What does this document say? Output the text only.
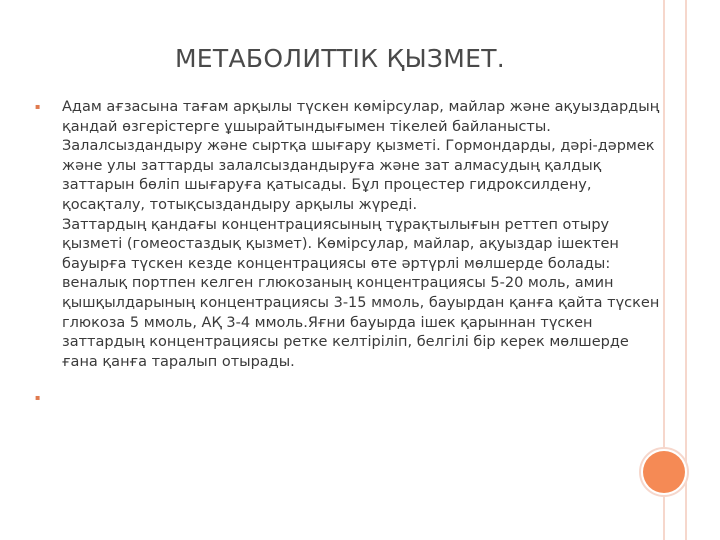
МЕТАБОЛИТТІК ҚЫЗМЕТ.
▪ Адам ағзасына тағам арқылы түскен көмірсулар, майлар және ақуыздардың қандай өзгерістерге ұшырайтындығымен тікелей байланысты.
Залалсыздандыру және сыртқа шығару қызметі. Гормондарды, дәрі-дәрмек және улы заттарды залалсыздандыруға және зат алмасудың қалдық заттарын бөліп шығаруға қатысады. Бұл процестер гидроксилдену, қосақталу, тотықсыздандыру арқылы жүреді.
Заттардың қандағы концентрациясының тұрақтылығын реттеп отыру қызметі (гомеостаздық қызмет). Көмірсулар, майлар, ақуыздар ішектен бауырға түскен кезде концентрациясы өте әртүрлі мөлшерде болады: веналық портпен келген глюкозаның концентрациясы 5-20 моль, амин қышқылдарының концентрациясы 3-15 ммоль, бауырдан қанға қайта түскен глюкоза 5 ммоль, АҚ 3-4 ммоль.Яғни бауырда ішек қарыннан түскен заттардың концентрациясы ретке келтіріліп, белгілі бір керек мөлшерде ғана қанға таралып отырады.
▪
